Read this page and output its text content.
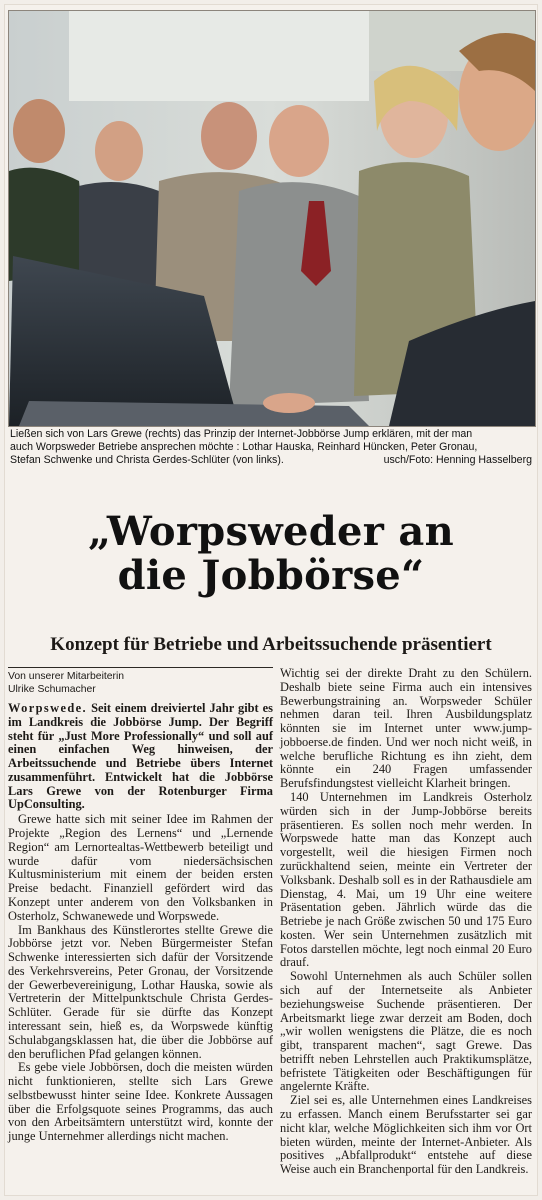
Ließen sich von Lars Grewe (rechts) das Prinzip der Internet-Jobbörse Jump erklären, mit der man
auch Worpsweder Betriebe ansprechen möchte : Lothar Hauska, Reinhard Hüncken, Peter Gronau,
Stefan Schwenke und Christa Gerdes-Schlüter (von links).	usch/Foto: Henning Hasselberg
„Worpsweder an
die Jobbörse“
Konzept für Betriebe und Arbeitssuchende präsentiert
Von unserer Mitarbeiterin
Ulrike Schumacher

Worpswede. Seit einem dreiviertel Jahr gibt es im Landkreis die Jobbörse Jump. Der Begriff steht für „Just More Professionally“ und soll auf einen einfachen Weg hinweisen, der Arbeitssuchende und Betriebe übers Internet zusammenführt. Entwickelt hat die Jobbörse Lars Grewe von der Rotenburger Firma UpConsulting.

Grewe hatte sich mit seiner Idee im Rahmen der Projekte „Region des Lernens“ und „Lernende Region“ am Lernortealtas-Wettbewerb beteiligt und wurde dafür vom niedersächsischen Kultusministerium mit einem der beiden ersten Preise bedacht. Finanziell gefördert wird das Konzept unter anderem von den Volksbanken in Osterholz, Schwanewede und Worpswede.

Im Bankhaus des Künstlerortes stellte Grewe die Jobbörse jetzt vor. Neben Bürgermeister Stefan Schwenke interessierten sich dafür der Vorsitzende des Verkehrsvereins, Peter Gronau, der Vorsitzende der Gewerbevereinigung, Lothar Hauska, sowie als Vertreterin der Mittelpunktschule Christa Gerdes-Schlüter. Gerade für sie dürfte das Konzept interessant sein, hieß es, da Worpswede künftig Schulabgangsklassen hat, die über die Jobbörse auf den beruflichen Pfad gelangen können.

Es gebe viele Jobbörsen, doch die meisten würden nicht funktionieren, stellte sich Lars Grewe selbstbewusst hinter seine Idee. Konkrete Aussagen über die Erfolgsquote seines Programms, das auch von den Arbeitsämtern unterstützt wird, konnte der junge Unternehmer allerdings nicht machen.

Wichtig sei der direkte Draht zu den Schülern. Deshalb biete seine Firma auch ein intensives Bewerbungstraining an. Worpsweder Schüler nehmen daran teil. Ihren Ausbildungsplatz könnten sie im Internet unter www.jump-jobboerse.de finden. Und wer noch nicht weiß, in welche berufliche Richtung es ihn zieht, dem könnte ein 240 Fragen umfassender Berufsfindungstest vielleicht Klarheit bringen.

140 Unternehmen im Landkreis Osterholz würden sich in der Jump-Jobbörse bereits präsentieren. Es sollen noch mehr werden. In Worpswede hatte man das Konzept auch vorgestellt, weil die hiesigen Firmen noch zurückhaltend seien, meinte ein Vertreter der Volksbank. Deshalb soll es in der Rathausdiele am Dienstag, 4. Mai, um 19 Uhr eine weitere Präsentation geben. Jährlich würde das die Betriebe je nach Größe zwischen 50 und 175 Euro kosten. Wer sein Unternehmen zusätzlich mit Fotos darstellen möchte, legt noch einmal 20 Euro drauf.

Sowohl Unternehmen als auch Schüler sollen sich auf der Internetseite als Anbieter beziehungsweise Suchende präsentieren. Der Arbeitsmarkt liege zwar derzeit am Boden, doch „wir wollen wenigstens die Plätze, die es noch gibt, transparent machen“, sagt Grewe. Das betrifft neben Lehrstellen auch Praktikumsplätze, befristete Tätigkeiten oder Beschäftigungen für angelernte Kräfte.

Ziel sei es, alle Unternehmen eines Landkreises zu erfassen. Manch einem Berufsstarter sei gar nicht klar, welche Möglichkeiten sich ihm vor Ort bieten würden, meinte der Internet-Anbieter. Als positives „Abfallprodukt“ entstehe auf diese Weise auch ein Branchenportal für den Landkreis.
